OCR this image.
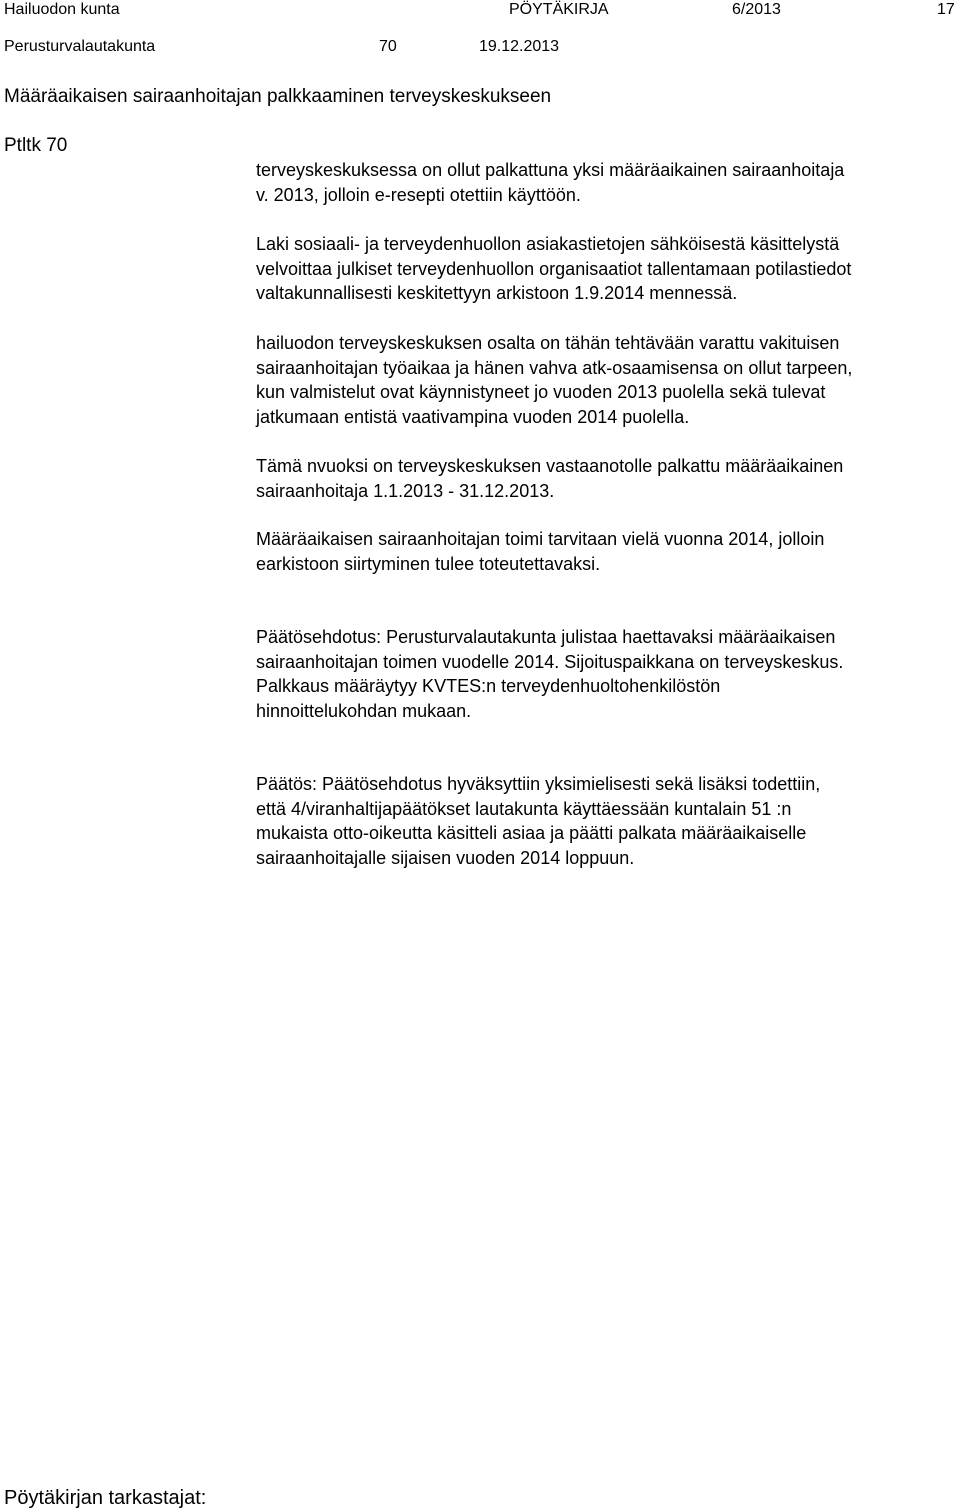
Hailuodon kunta	PÖYTÄKIRJA	6/2013	17
Perusturvalautakunta	70	19.12.2013
Määräaikaisen sairaanhoitajan palkkaaminen terveyskeskukseen
Ptltk 70

terveyskeskuksessa on ollut palkattuna yksi määräaikainen sairaanhoitaja

v. 2013, jolloin e-resepti otettiin käyttöön.

Laki sosiaali- ja terveydenhuollon asiakastietojen sähköisestä käsittelystä

velvoittaa julkiset terveydenhuollon organisaatiot tallentamaan potilastiedot

valtakunnallisesti keskitettyyn arkistoon 1.9.2014 mennessä.

hailuodon terveyskeskuksen osalta on tähän tehtävään varattu vakituisen

sairaanhoitajan työaikaa ja hänen vahva atk-osaamisensa on ollut tarpeen,

kun valmistelut ovat käynnistyneet jo vuoden 2013 puolella sekä tulevat

jatkumaan entistä vaativampina vuoden 2014 puolella.

Tämä nvuoksi on terveyskeskuksen vastaanotolle palkattu määräaikainen

sairaanhoitaja 1.1.2013 - 31.12.2013.

Määräaikaisen sairaanhoitajan toimi tarvitaan vielä vuonna 2014, jolloin

earkistoon siirtyminen tulee toteutettavaksi.

Päätösehdotus: Perusturvalautakunta julistaa haettavaksi määräaikaisen

sairaanhoitajan toimen vuodelle 2014. Sijoituspaikkana on terveyskeskus.

Palkkaus määräytyy KVTES:n terveydenhuoltohenkilöstön

hinnoittelukohdan mukaan.

Päätös: Päätösehdotus hyväksyttiin yksimielisesti sekä lisäksi todettiin,

että 4/viranhaltijapäätökset lautakunta käyttäessään kuntalain 51 :n

mukaista otto-oikeutta käsitteli asiaa ja päätti palkata määräaikaiselle

sairaanhoitajalle sijaisen vuoden 2014 loppuun.

Pöytäkirjan tarkastajat:
